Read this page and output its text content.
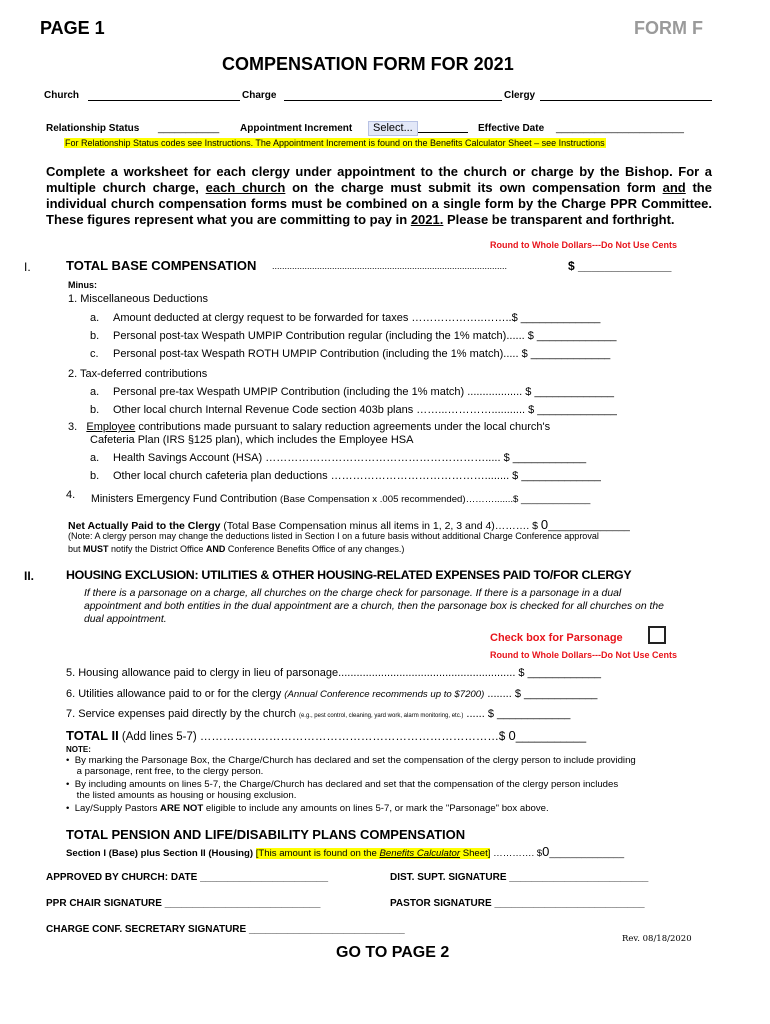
PAGE 1	FORM F
COMPENSATION FORM FOR 2021
Church	Charge	Clergy
Relationship Status ___________ Appointment Increment	Select...	Effective Date _______________________
For Relationship Status codes see Instructions. The Appointment Increment is found on the Benefits Calculator Sheet – see Instructions
Complete a worksheet for each clergy under appointment to the church or charge by the Bishop. For a multiple church charge, each church on the charge must submit its own compensation form and the individual church compensation forms must be combined on a single form by the Charge PPR Committee. These figures represent what you are committing to pay in 2021. Please be transparent and forthright.
Round to Whole Dollars---Do Not Use Cents
I.	TOTAL BASE COMPENSATION ..............................................................................................	$ ______________
Minus:
1. Miscellaneous Deductions
a. Amount deducted at clergy request to be forwarded for taxes ………………..……..$ _____________
b. Personal post-tax Wespath UMPIP Contribution regular (including the 1% match)...... $ _____________
c. Personal post-tax Wespath ROTH UMPIP Contribution (including the 1% match)..... $ _____________
2. Tax-deferred contributions
a. Personal pre-tax Wespath UMPIP Contribution (including the 1% match) .................. $ _____________
b. Other local church Internal Revenue Code section 403b plans ……...…………........... $ _____________
3. Employee contributions made pursuant to salary reduction agreements under the local church's
Cafeteria Plan (IRS §125 plan), which includes the Employee HSA
a. Health Savings Account (HSA) ……………………………………………………..... $ ____________
b. Other local church cafeteria plan deductions ……………………………………........ $ _____________
4. Ministers Emergency Fund Contribution (Base Compensation x .005 recommended)……….......$ _____________
Net Actually Paid to the Clergy (Total Base Compensation minus all items in 1, 2, 3 and 4)………. $ 0______________
(Note: A clergy person may change the deductions listed in Section I on a future basis without additional Charge Conference approval
but MUST notify the District Office AND Conference Benefits Office of any changes.)
II.	HOUSING EXCLUSION: UTILITIES & OTHER HOUSING-RELATED EXPENSES PAID TO/FOR CLERGY
If there is a parsonage on a charge, all churches on the charge check for parsonage. If there is a parsonage in a dual
appointment and both entities in the dual appointment are a church, then the parsonage box is checked for all churches on the
dual appointment.
Check box for Parsonage
Round to Whole Dollars---Do Not Use Cents
5. Housing allowance paid to clergy in lieu of parsonage.......................................................... $ ____________
6. Utilities allowance paid to or for the clergy (Annual Conference recommends up to $7200) ........ $ ____________
7. Service expenses paid directly by the church (e.g., pest control, cleaning, yard work, alarm monitoring, etc.) ...... $ ____________
TOTAL II (Add lines 5-7) ……………………………………………………………………$ 0___________
NOTE:
•  By marking the Parsonage Box, the Charge/Church has declared and set the compensation of the clergy person to include providing
a parsonage, rent free, to the clergy person.
•  By including amounts on lines 5-7, the Charge/Church has declared and set that the compensation of the clergy person includes
the listed amounts as housing or housing exclusion.
•  Lay/Supply Pastors ARE NOT eligible to include any amounts on lines 5-7, or mark the "Parsonage" box above.
TOTAL PENSION AND LIFE/DISABILITY PLANS COMPENSATION
Section I (Base) plus Section II (Housing) [This amount is found on the Benefits Calculator Sheet] …………. $0______________
APPROVED BY CHURCH: DATE _______________________	DIST. SUPT. SIGNATURE _________________________
PPR CHAIR SIGNATURE ____________________________	PASTOR SIGNATURE ___________________________
CHARGE CONF. SECRETARY SIGNATURE ____________________________
Rev. 08/18/2020
GO TO PAGE 2
